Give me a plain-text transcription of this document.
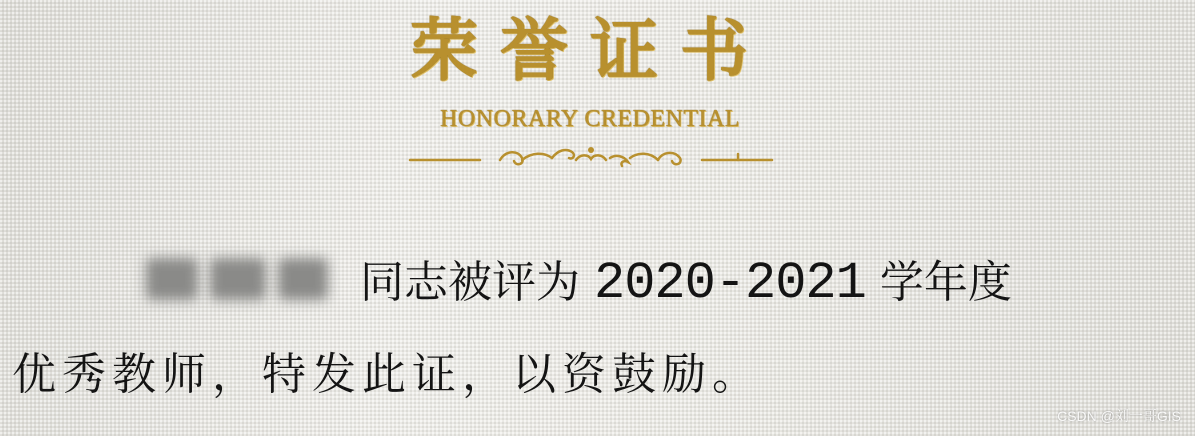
荣誉证书
HONORARY CREDENTIAL
同志被评为 2020-2021 学年度
优秀教师，特发此证，以资鼓励。
CSDN @刘一哥GIS
